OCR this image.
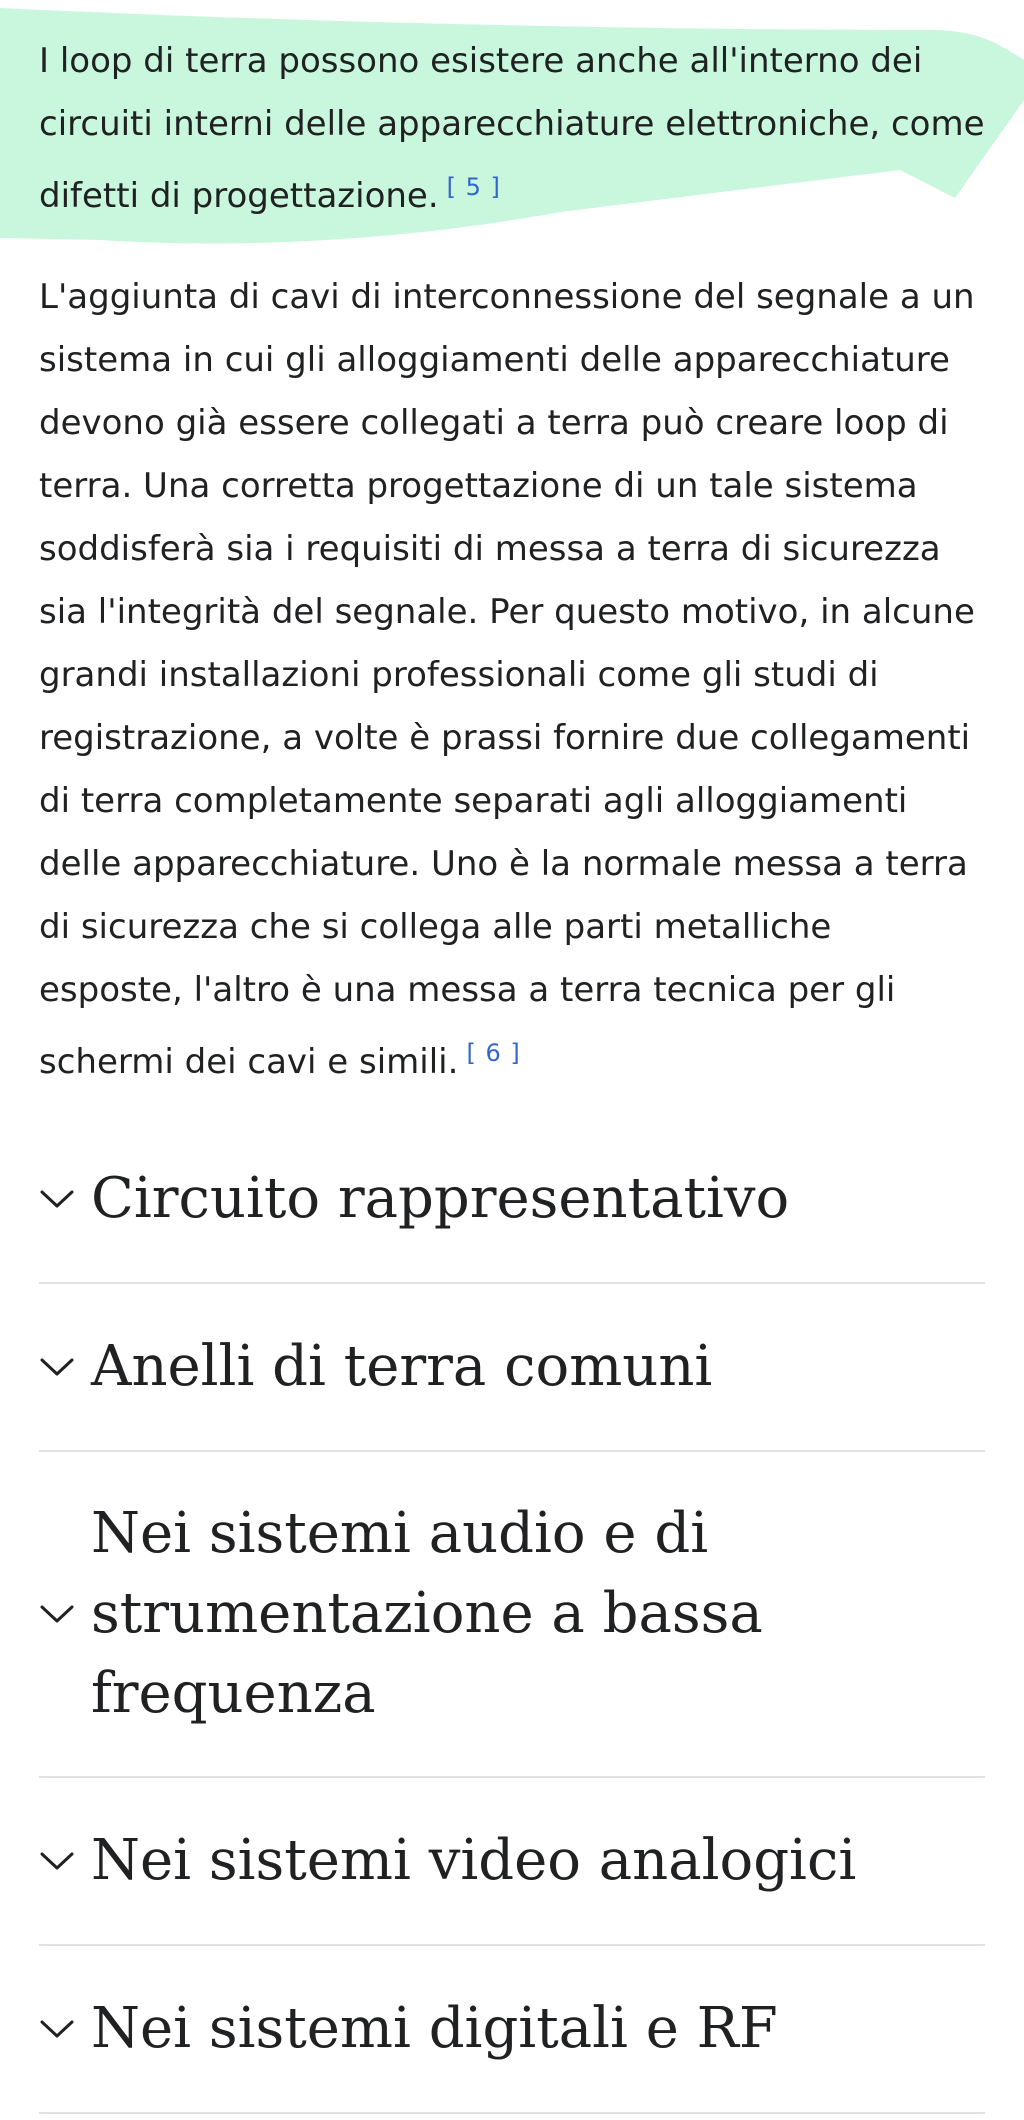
I loop di terra possono esistere anche all'interno dei circuiti interni delle apparecchiature elettroniche, come difetti di progettazione. [ 5 ]

L'aggiunta di cavi di interconnessione del segnale a un sistema in cui gli alloggiamenti delle apparecchiature devono già essere collegati a terra può creare loop di terra. Una corretta progettazione di un tale sistema soddisferà sia i requisiti di messa a terra di sicurezza sia l'integrità del segnale. Per questo motivo, in alcune grandi installazioni professionali come gli studi di registrazione, a volte è prassi fornire due collegamenti di terra completamente separati agli alloggiamenti delle apparecchiature. Uno è la normale messa a terra di sicurezza che si collega alle parti metalliche esposte, l'altro è una messa a terra tecnica per gli schermi dei cavi e simili. [ 6 ]

Circuito rappresentativo
Anelli di terra comuni
Nei sistemi audio e di strumentazione a bassa frequenza
Nei sistemi video analogici
Nei sistemi digitali e RF
